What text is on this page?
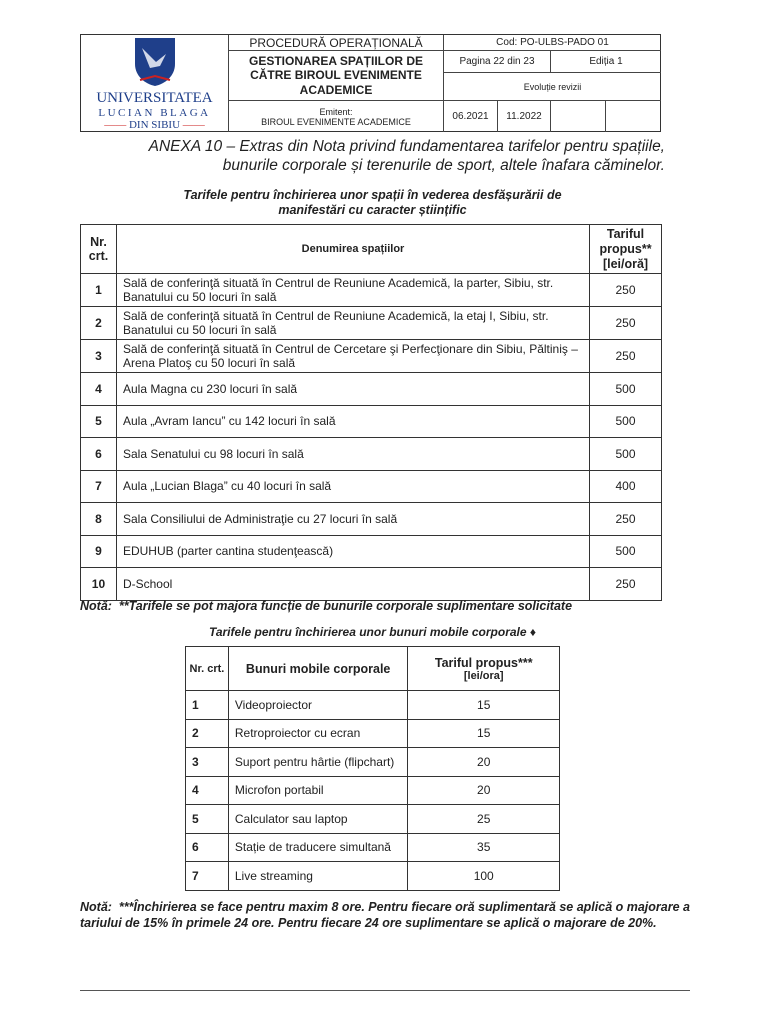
UNIVERSITATEA
LUCIAN BLAGA
—— DIN SIBIU ——
PROCEDURĂ OPERAȚIONALĂ
GESTIONAREA SPAȚIILOR DE CĂTRE BIROUL EVENIMENTE ACADEMICE
Emitent:
BIROUL EVENIMENTE ACADEMICE
Cod: PO-ULBS-PADO 01
Pagina 22 din 23	Ediția 1
Evoluție revizii
06.2021	11.2022
ANEXA 10 – Extras din Nota privind fundamentarea tarifelor pentru spațiile, bunurile corporale și terenurile de sport, altele înafara căminelor.
Tarifele pentru închirierea unor spații în vederea desfășurării de manifestări cu caracter științific
Nr. crt.	Denumirea spațiilor	Tariful propus** [lei/oră]
1	Sală de conferinţă situată în Centrul de Reuniune Academică, la parter, Sibiu, str. Banatului cu 50 locuri în sală	250
2	Sală de conferinţă situată în Centrul de Reuniune Academică, la etaj I, Sibiu, str. Banatului cu 50 locuri în sală	250
3	Sală de conferinţă situată în Centrul de Cercetare şi Perfecţionare din Sibiu, Păltiniş – Arena Platoş cu 50 locuri în sală	250
4	Aula Magna cu 230 locuri în sală	500
5	Aula „Avram Iancu” cu 142 locuri în sală	500
6	Sala Senatului cu 98 locuri în sală	500
7	Aula „Lucian Blaga” cu 40 locuri în sală	400
8	Sala Consiliului de Administraţie cu 27 locuri în sală	250
9	EDUHUB (parter cantina studenţească)	500
10	D-School	250
Notă:  **Tarifele se pot majora funcție de bunurile corporale suplimentare solicitate
Tarifele pentru închirierea unor bunuri mobile corporale ♦
Nr. crt.	Bunuri mobile corporale	Tariful propus***
[lei/ora]

1	Videoproiector	15
2	Retroproiector cu ecran	15
3	Suport pentru hârtie (flipchart)	20
4	Microfon portabil	20
5	Calculator sau laptop	25
6	Stație de traducere simultană	35
7	Live streaming	100
Notă:  ***Închirierea se face pentru maxim 8 ore. Pentru fiecare oră suplimentară se aplică o majorare a tariului de 15% în primele 24 ore. Pentru fiecare 24 ore suplimentare se aplică o majorare de 20%.
